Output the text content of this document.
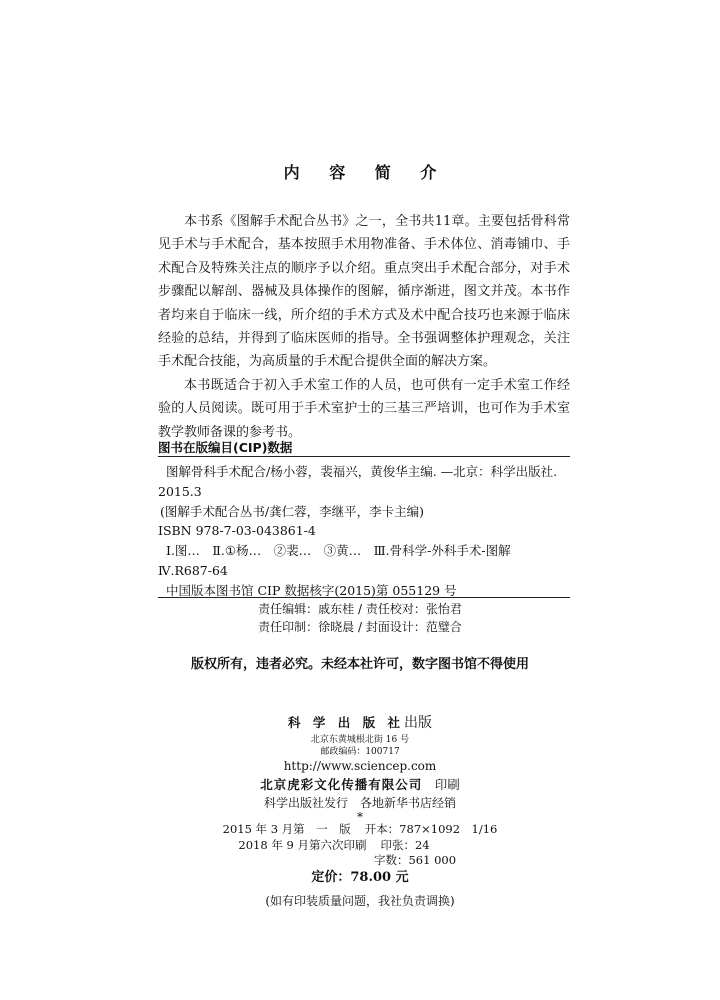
内 容 简 介

本书系《图解手术配合丛书》之一，全书共11章。主要包括骨科常见手术与手术配合，基本按照手术用物准备、手术体位、消毒铺巾、手术配合及特殊关注点的顺序予以介绍。重点突出手术配合部分，对手术步骤配以解剖、器械及具体操作的图解，循序渐进，图文并茂。本书作者均来自于临床一线，所介绍的手术方式及术中配合技巧也来源于临床经验的总结，并得到了临床医师的指导。全书强调整体护理观念，关注手术配合技能，为高质量的手术配合提供全面的解决方案。

本书既适合于初入手术室工作的人员，也可供有一定手术室工作经验的人员阅读。既可用于手术室护士的三基三严培训，也可作为手术室教学教师备课的参考书。

图书在版编目(CIP)数据
图解骨科手术配合/杨小蓉，裴福兴，黄俊华主编. —北京：科学出版社.
2015.3
(图解手术配合丛书/龚仁蓉，李继平，李卡主编)
ISBN 978-7-03-043861-4
Ⅰ.图…　Ⅱ.①杨…　②裴…　③黄…　Ⅲ.骨科学-外科手术-图解
Ⅳ.R687-64
中国版本图书馆 CIP 数据核字(2015)第 055129 号
责任编辑：戚东桂 / 责任校对：张怡君
责任印制：徐晓晨 / 封面设计：范璧合
版权所有，违者必究。未经本社许可，数字图书馆不得使用
科 学 出 版 社出版
北京东黄城根北街 16 号
邮政编码：100717
http://www.sciencep.com
北京虎彩文化传播有限公司　 印刷
科学出版社发行　各地新华书店经销
*
2015 年 3 月第　一　版 开本：787×1092　1/16
2018 年 9 月第六次印刷 印张：24
字数：561 000
定价：78.00 元
(如有印装质量问题，我社负责调换)
